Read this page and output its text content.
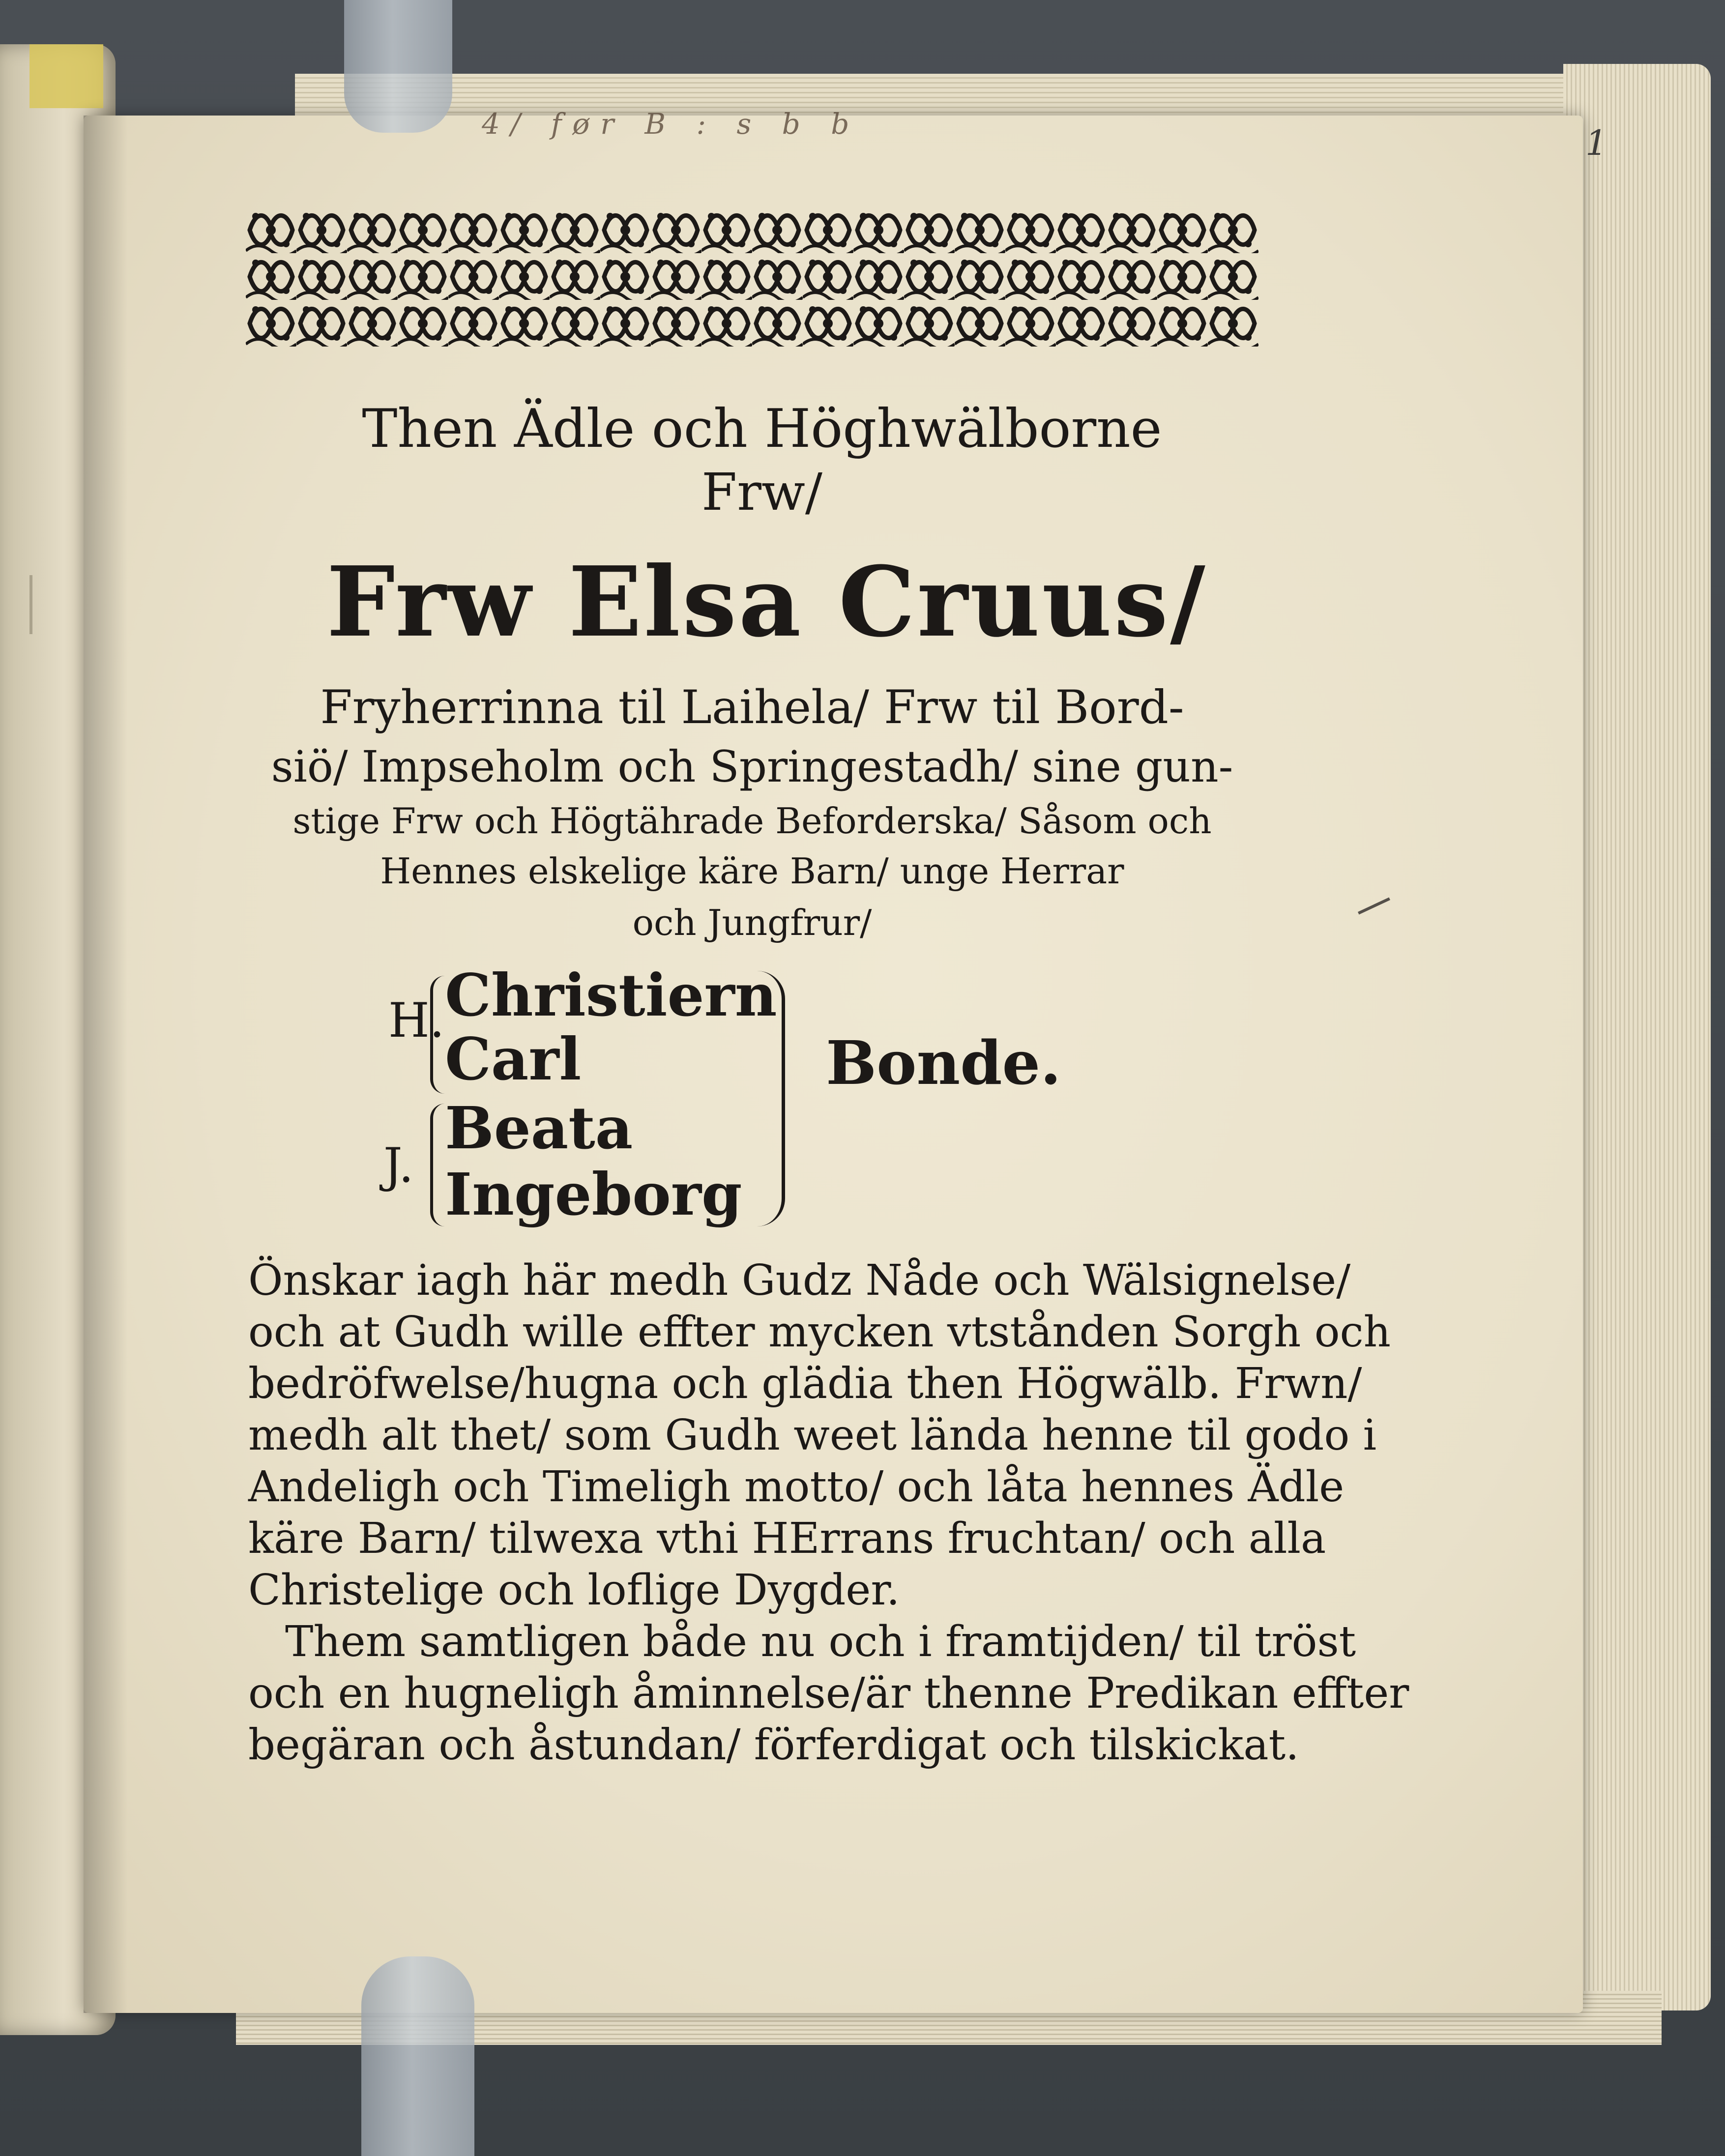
4/ før B : s b b	1
Then Ädle och Höghwälborne
Frw/
Frw Elsa Cruus/
Fryherrinna til Laihela/ Frw til Bord-
siö/ Impseholm och Springestadh/ sine gun-
stige Frw och Högtährade Beforderska/ Såsom och
Hennes elskelige käre Barn/ unge Herrar
och Jungfrur/
H.
J.
Christiern
Carl
Beata
Ingeborg
Bonde.
Önskar iagh här medh Gudz Nåde och Wälsignelse/
och at Gudh wille effter mycken vtstånden Sorgh och
bedröfwelse/hugna och glädia then Högwälb. Frwn/
medh alt thet/ som Gudh weet lända henne til godo i
Andeligh och Timeligh motto/ och låta hennes Ädle
käre Barn/ tilwexa vthi HErrans fruchtan/ och alla
Christelige och loflige Dygder.
Them samtligen både nu och i framtijden/ til tröst
och en hugneligh åminnelse/är thenne Predikan effter
begäran och åstundan/ förferdigat och tilskickat.
